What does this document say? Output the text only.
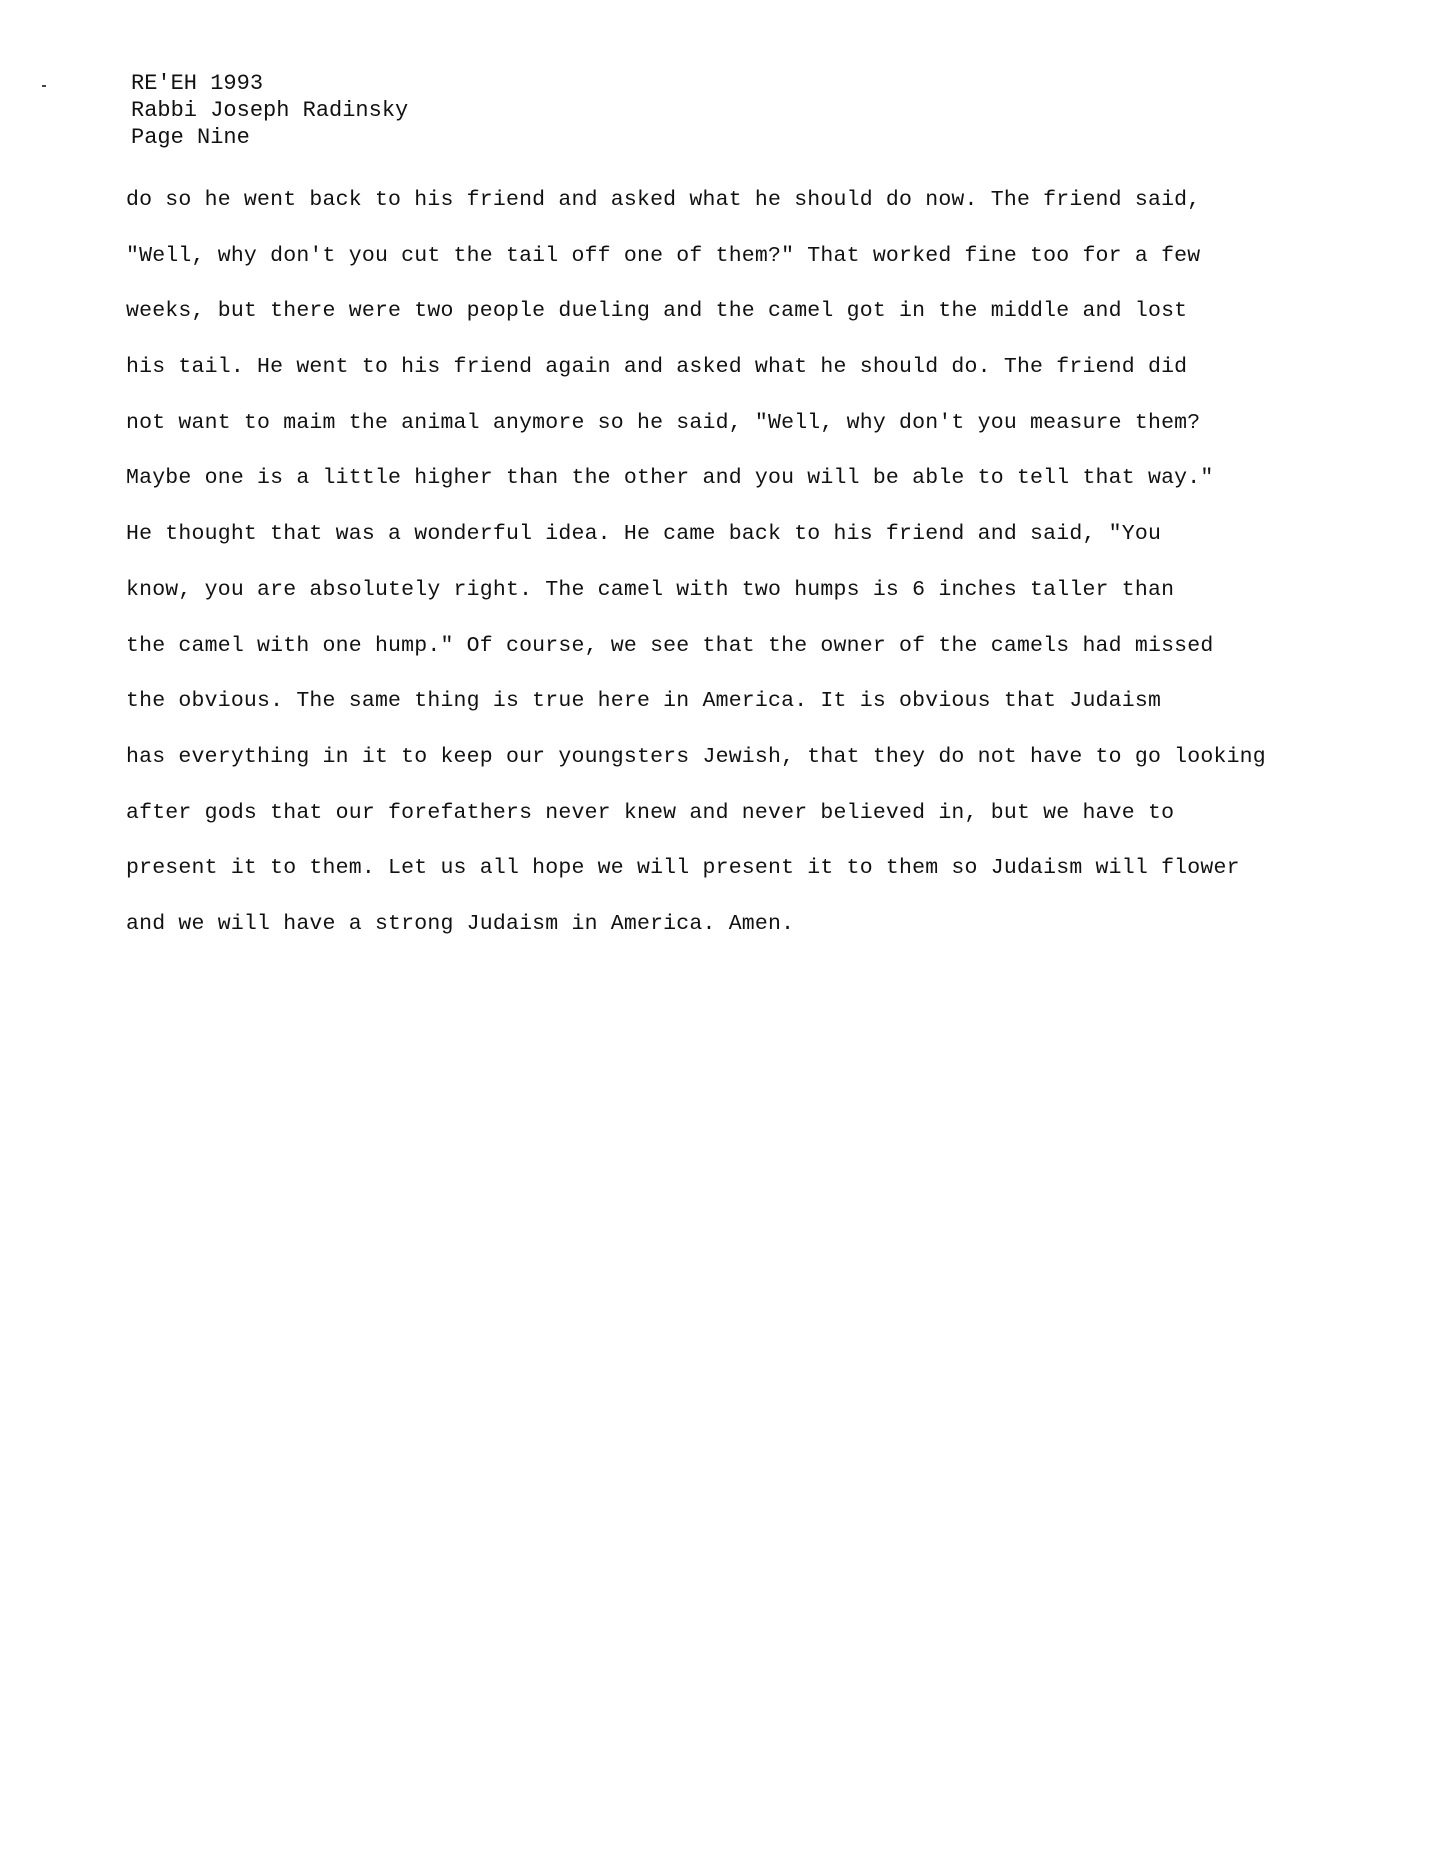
RE'EH 1993
Rabbi Joseph Radinsky
Page Nine
do so he went back to his friend and asked what he should do now. The friend said,
"Well, why don't you cut the tail off one of them?" That worked fine too for a few
weeks, but there were two people dueling and the camel got in the middle and lost
his tail. He went to his friend again and asked what he should do. The friend did
not want to maim the animal anymore so he said, "Well, why don't you measure them?
Maybe one is a little higher than the other and you will be able to tell that way."
He thought that was a wonderful idea. He came back to his friend and said, "You
know, you are absolutely right. The camel with two humps is 6 inches taller than
the camel with one hump." Of course, we see that the owner of the camels had missed
the obvious. The same thing is true here in America. It is obvious that Judaism
has everything in it to keep our youngsters Jewish, that they do not have to go looking
after gods that our forefathers never knew and never believed in, but we have to
present it to them. Let us all hope we will present it to them so Judaism will flower
and we will have a strong Judaism in America. Amen.
